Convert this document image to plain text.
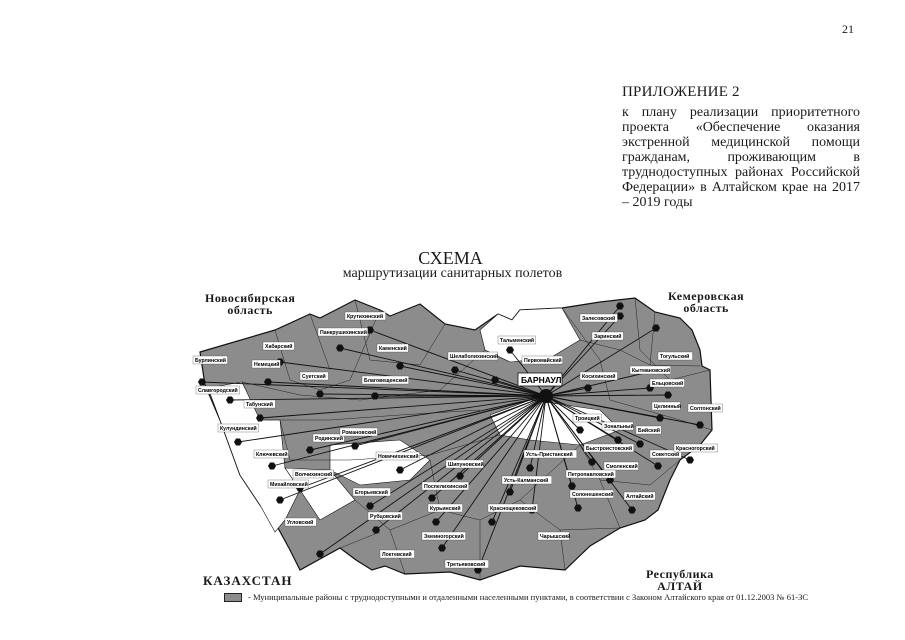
21
ПРИЛОЖЕНИЕ 2
к плану реализации приоритетного проекта «Обеспечение оказания экстренной медицинской помощи гражданам, проживающим в труднодоступных районах Российской Федерации» в Алтайском крае на 2017 – 2019 годы
СХЕМА
маршрутизации санитарных полетов
БАРНАУЛ
Крутихинский	Залесовский
Панкрушихинский
Хабарский	Каменский
Тальменский
Заринский
Бурлинский
Немецкий
Суетский
Шелаболихинский	Тогульский
Славгородский
Благовещенский
Первомайский
Кытмановский
Ельцовский
Табунский
Косихинский
Целинный Солтонский
Кулундинский
Троицкий
Бийский
Зональный
Родинский
Романовский
Ключевский	Новичихинский
Шипуновский
Советский
Красногорский
Волчихинский
Быстроистокский
Усть-Пристанский
Смоленский
Михайловский
Егорьевский
Поспелихинский
Усть-Калманский
Петропавловский
Алтайский
Солонешенский
Рубцовский
Курьинский	Краснощековский
Угловский
Змеиногорский	Чарышский
Локтевский
Третьяковский
Новосибирская
область
Кемеровская
область
КАЗАХСТАН	Республика
АЛТАЙ
- Муниципальные районы с труднодоступными и отдаленными населенными пунктами, в соответствии с Законом Алтайского края от 01.12.2003 № 61-ЗС
